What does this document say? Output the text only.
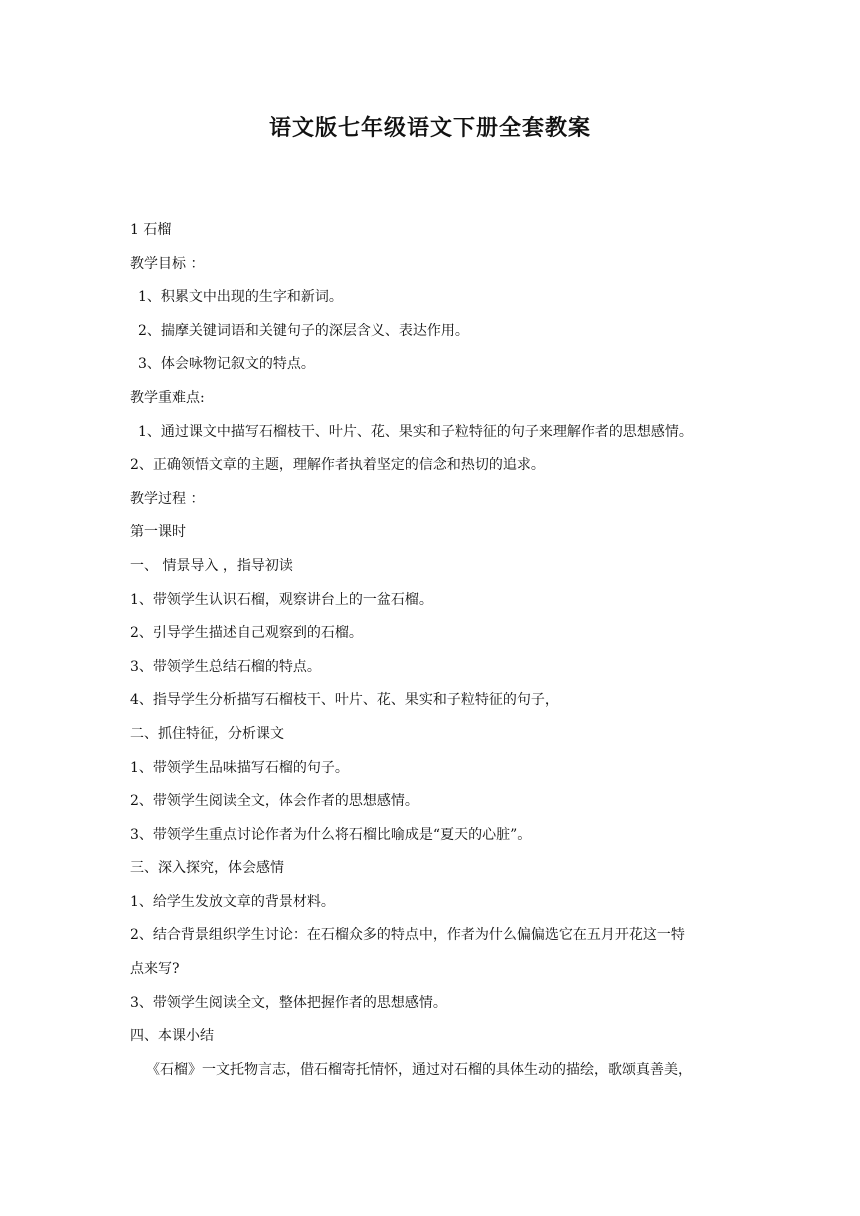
语文版七年级语文下册全套教案
1 石榴
教学目标 ：
1、积累文中出现的生字和新词。
2、揣摩关键词语和关键句子的深层含义、表达作用。
3、体会咏物记叙文的特点。
教学重难点:
1、通过课文中描写石榴枝干、叶片、花、果实和子粒特征的句子来理解作者的思想感情。
2、正确领悟文章的主题，理解作者执着坚定的信念和热切的追求。
教学过程 ：
第一课时
一、 情景导入 ，指导初读
1、带领学生认识石榴，观察讲台上的一盆石榴。
2、引导学生描述自己观察到的石榴。
3、带领学生总结石榴的特点。
4、指导学生分析描写石榴枝干、叶片、花、果实和子粒特征的句子，
二、抓住特征，分析课文
1、带领学生品味描写石榴的句子。
2、带领学生阅读全文，体会作者的思想感情。
3、带领学生重点讨论作者为什么将石榴比喻成是“夏天的心脏”。
三、深入探究，体会感情
1、给学生发放文章的背景材料。
2、结合背景组织学生讨论：在石榴众多的特点中，作者为什么偏偏选它在五月开花这一特
点来写?
3、带领学生阅读全文，整体把握作者的思想感情。
四、本课小结
《石榴》一文托物言志，借石榴寄托情怀，通过对石榴的具体生动的描绘，歌颂真善美，
